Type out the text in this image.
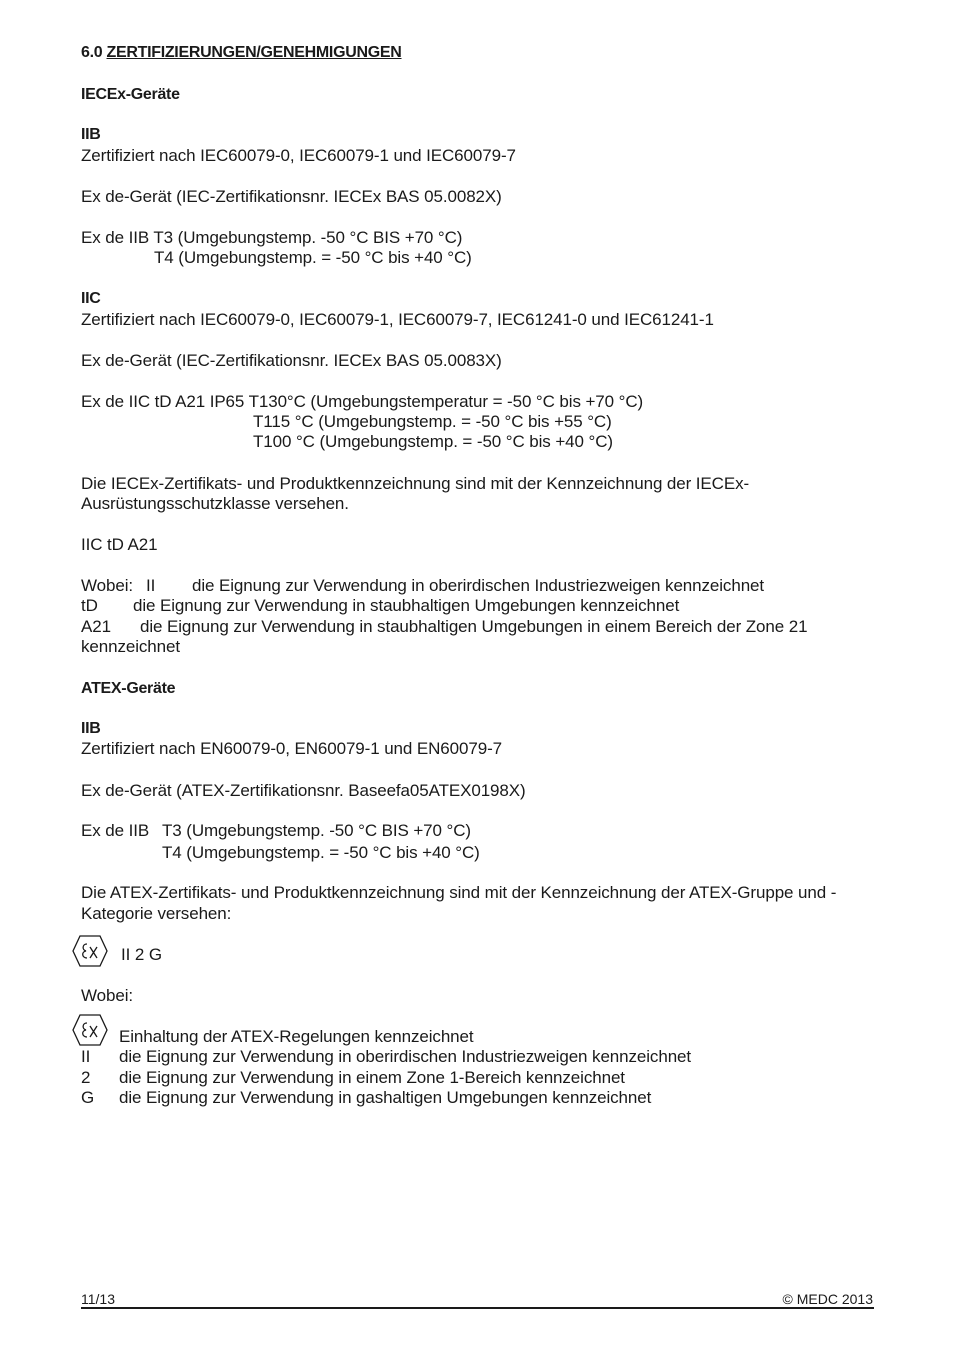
6.0 ZERTIFIZIERUNGEN/GENEHMIGUNGEN
IECEx-Geräte
IIB
Zertifiziert nach IEC60079-0, IEC60079-1 und IEC60079-7
Ex de-Gerät (IEC-Zertifikationsnr. IECEx BAS 05.0082X)
Ex de IIB T3 (Umgebungstemp. -50 °C BIS +70 °C)
T4 (Umgebungstemp. = -50 °C bis +40 °C)
IIC
Zertifiziert nach IEC60079-0, IEC60079-1, IEC60079-7, IEC61241-0 und IEC61241-1
Ex de-Gerät (IEC-Zertifikationsnr. IECEx BAS 05.0083X)
Ex de IIC tD A21 IP65 T130°C (Umgebungstemperatur = -50 °C bis +70 °C)
T115 °C (Umgebungstemp. = -50 °C bis +55 °C)
T100 °C (Umgebungstemp. = -50 °C bis +40 °C)
Die IECEx-Zertifikats- und Produktkennzeichnung sind mit der Kennzeichnung der IECEx-
Ausrüstungsschutzklasse versehen.
IIC tD A21
Wobei: II die Eignung zur Verwendung in oberirdischen Industriezweigen kennzeichnet
tD die Eignung zur Verwendung in staubhaltigen Umgebungen kennzeichnet
A21 die Eignung zur Verwendung in staubhaltigen Umgebungen in einem Bereich der Zone 21
kennzeichnet
ATEX-Geräte
IIB
Zertifiziert nach EN60079-0, EN60079-1 und EN60079-7
Ex de-Gerät (ATEX-Zertifikationsnr. Baseefa05ATEX0198X)
Ex de IIB T3 (Umgebungstemp. -50 °C BIS +70 °C)
T4 (Umgebungstemp. = -50 °C bis +40 °C)
Die ATEX-Zertifikats- und Produktkennzeichnung sind mit der Kennzeichnung der ATEX-Gruppe und -
Kategorie versehen:
II 2 G
Wobei:
Einhaltung der ATEX-Regelungen kennzeichnet
II die Eignung zur Verwendung in oberirdischen Industriezweigen kennzeichnet
2 die Eignung zur Verwendung in einem Zone 1-Bereich kennzeichnet
G die Eignung zur Verwendung in gashaltigen Umgebungen kennzeichnet
11/13	© MEDC 2013
